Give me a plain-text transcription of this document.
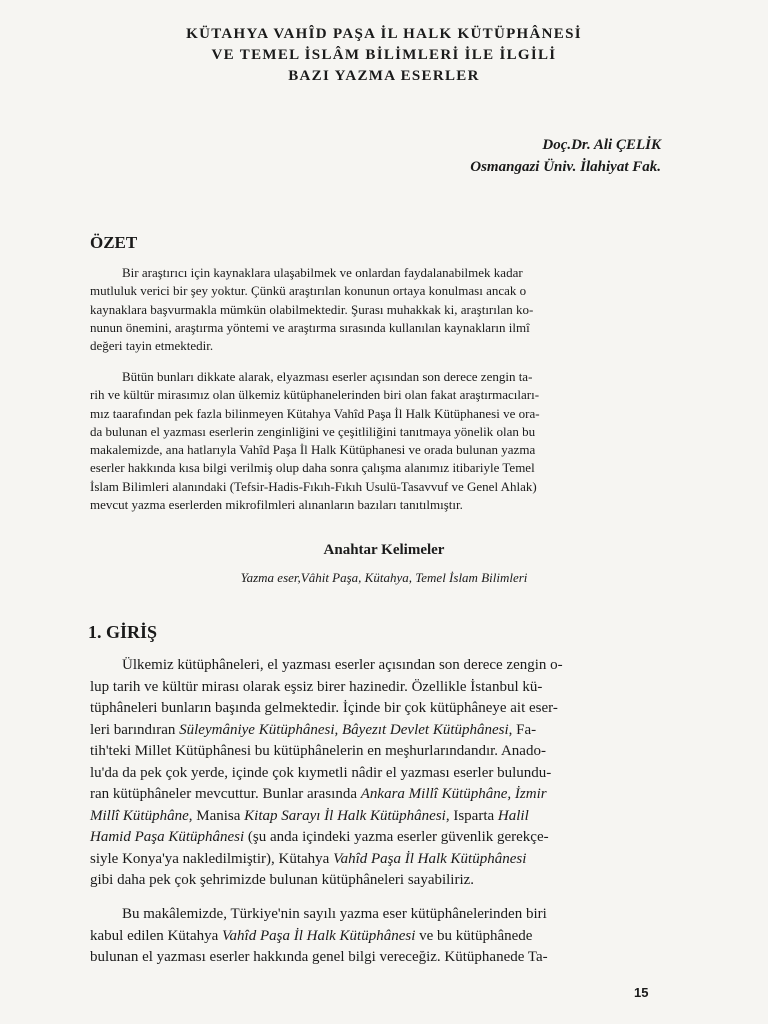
KÜTAHYA VAHÎD PAŞA İL HALK KÜTÜPHÂNESİ
VE TEMEL İSLÂM BİLİMLERİ İLE İLGİLİ
BAZI YAZMA ESERLER
Doç.Dr. Ali ÇELİK
Osmangazi Üniv. İlahiyat Fak.
ÖZET
Bir araştırıcı için kaynaklara ulaşabilmek ve onlardan faydalanabilmek kadar
mutluluk verici bir şey yoktur. Çünkü araştırılan konunun ortaya konulması ancak o
kaynaklara başvurmakla mümkün olabilmektedir. Şurası muhakkak ki, araştırılan ko-
nunun önemini, araştırma yöntemi ve araştırma sırasında kullanılan kaynakların ilmî
değeri tayin etmektedir.
Bütün bunları dikkate alarak, elyazması eserler açısından son derece zengin ta-
rih ve kültür mirasımız olan ülkemiz kütüphanelerinden biri olan fakat araştırmacıları-
mız taarafından pek fazla bilinmeyen Kütahya Vahîd Paşa İl Halk Kütüphanesi ve ora-
da bulunan el yazması eserlerin zenginliğini ve çeşitliliğini tanıtmaya yönelik olan bu
makalemizde, ana hatlarıyla Vahîd Paşa İl Halk Kütüphanesi ve orada bulunan yazma
eserler hakkında kısa bilgi verilmiş olup daha sonra çalışma alanımız itibariyle Temel
İslam Bilimleri alanındaki (Tefsir-Hadis-Fıkıh-Fıkıh Usulü-Tasavvuf ve Genel Ahlak)
mevcut yazma eserlerden mikrofilmleri alınanların bazıları tanıtılmıştır.
Anahtar Kelimeler
Yazma eser,Vâhit Paşa, Kütahya, Temel İslam Bilimleri
1. GİRİŞ
Ülkemiz kütüphâneleri, el yazması eserler açısından son derece zengin o-
lup tarih ve kültür mirası olarak eşsiz birer hazinedir. Özellikle İstanbul kü-
tüphâneleri bunların başında gelmektedir. İçinde bir çok kütüphâneye ait eser-
leri barındıran Süleymâniye Kütüphânesi, Bâyezıt Devlet Kütüphânesi, Fa-
tih'teki Millet Kütüphânesi bu kütüphânelerin en meşhurlarındandır. Anado-
lu'da da pek çok yerde, içinde çok kıymetli nâdir el yazması eserler bulundu-
ran kütüphâneler mevcuttur. Bunlar arasında Ankara Millî Kütüphâne, İzmir
Millî Kütüphâne, Manisa Kitap Sarayı İl Halk Kütüphânesi, Isparta Halil
Hamid Paşa Kütüphânesi (şu anda içindeki yazma eserler güvenlik gerekçe-
siyle Konya'ya nakledilmiştir), Kütahya Vahîd Paşa İl Halk Kütüphânesi
gibi daha pek çok şehrimizde bulunan kütüphâneleri sayabiliriz.
Bu makâlemizde, Türkiye'nin sayılı yazma eser kütüphânelerinden biri
kabul edilen Kütahya Vahîd Paşa İl Halk Kütüphânesi ve bu kütüphânede
bulunan el yazması eserler hakkında genel bilgi vereceğiz. Kütüphanede Ta-
15
